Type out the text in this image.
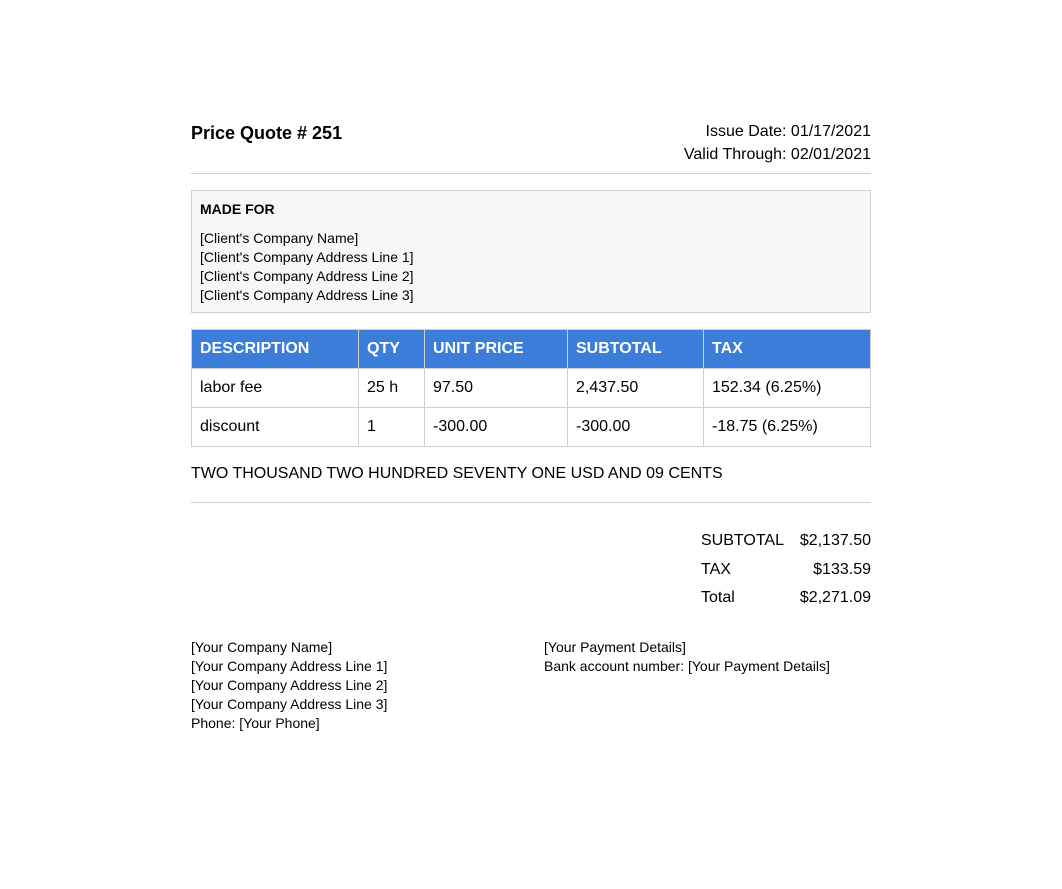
Price Quote # 251	Issue Date: 01/17/2021
Valid Through: 02/01/2021
MADE FOR
[Client's Company Name]
[Client's Company Address Line 1]
[Client's Company Address Line 2]
[Client's Company Address Line 3]
DESCRIPTION	QTY	UNIT PRICE	SUBTOTAL	TAX
labor fee	25 h	97.50	2,437.50	152.34 (6.25%)
discount	1	-300.00	-300.00	-18.75 (6.25%)
TWO THOUSAND TWO HUNDRED SEVENTY ONE USD AND 09 CENTS
SUBTOTAL $2,137.50
TAX	$133.59
Total	$2,271.09
[Your Company Name]
[Your Company Address Line 1]
[Your Company Address Line 2]
[Your Company Address Line 3]
Phone: [Your Phone]
[Your Payment Details]
Bank account number: [Your Payment Details]
